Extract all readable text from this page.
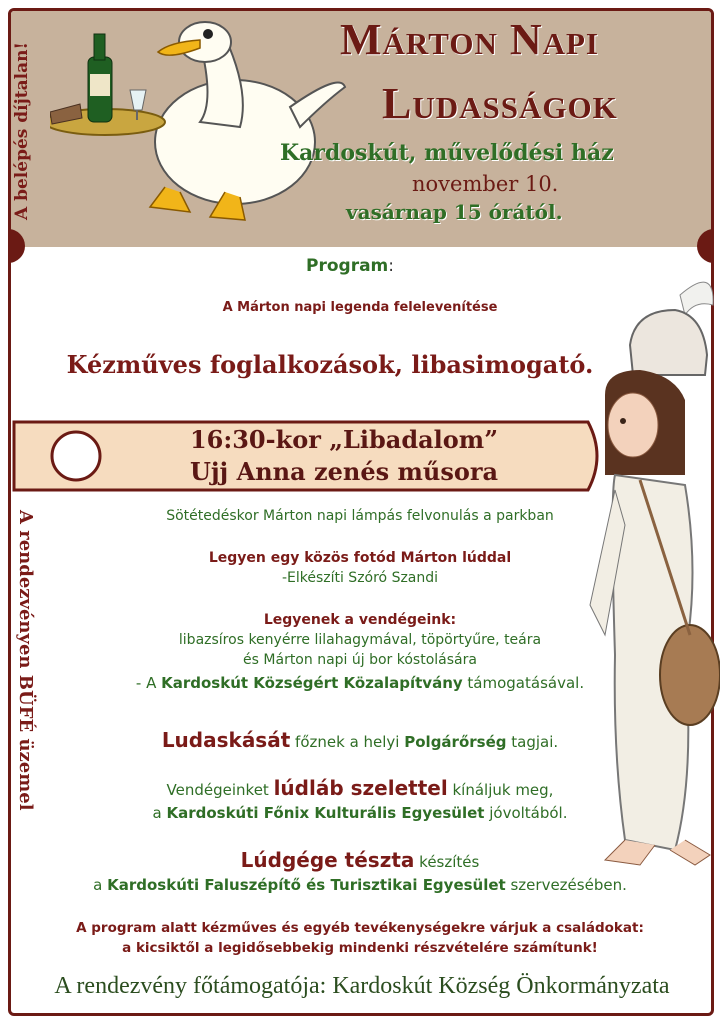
A belépés díjtalan!
Márton Napi
Ludasságok
Kardoskút, művelődési ház
november 10.
vasárnap 15 órától.
Program:
A Márton napi legenda felelevenítése
Kézműves foglalkozások, libasimogató.
16:30-kor „Libadalom”
Ujj Anna zenés műsora
Sötétedéskor Márton napi lámpás felvonulás a parkban
Legyen egy közös fotód Márton lúddal
-Elkészíti Szóró Szandi
Legyenek a vendégeink:
libazsíros kenyérre lilahagymával, töpörtyűre, teára
és Márton napi új bor kóstolására
- A Kardoskút Községért Közalapítvány támogatásával.
Ludaskását főznek a helyi Polgárőrség tagjai.
Vendégeinket lúdláb szelettel kínáljuk meg,
a Kardoskúti Főnix Kulturális Egyesület jóvoltából.
Lúdgége tészta készítés
a Kardoskúti Faluszépítő és Turisztikai Egyesület szervezésében.
A program alatt kézműves és egyéb tevékenységekre várjuk a családokat:
a kicsiktől a legidősebbekig mindenki részvételére számítunk!
A rendezvény főtámogatója: Kardoskút Község Önkormányzata
A rendezvényen BÜFÉ üzemel
